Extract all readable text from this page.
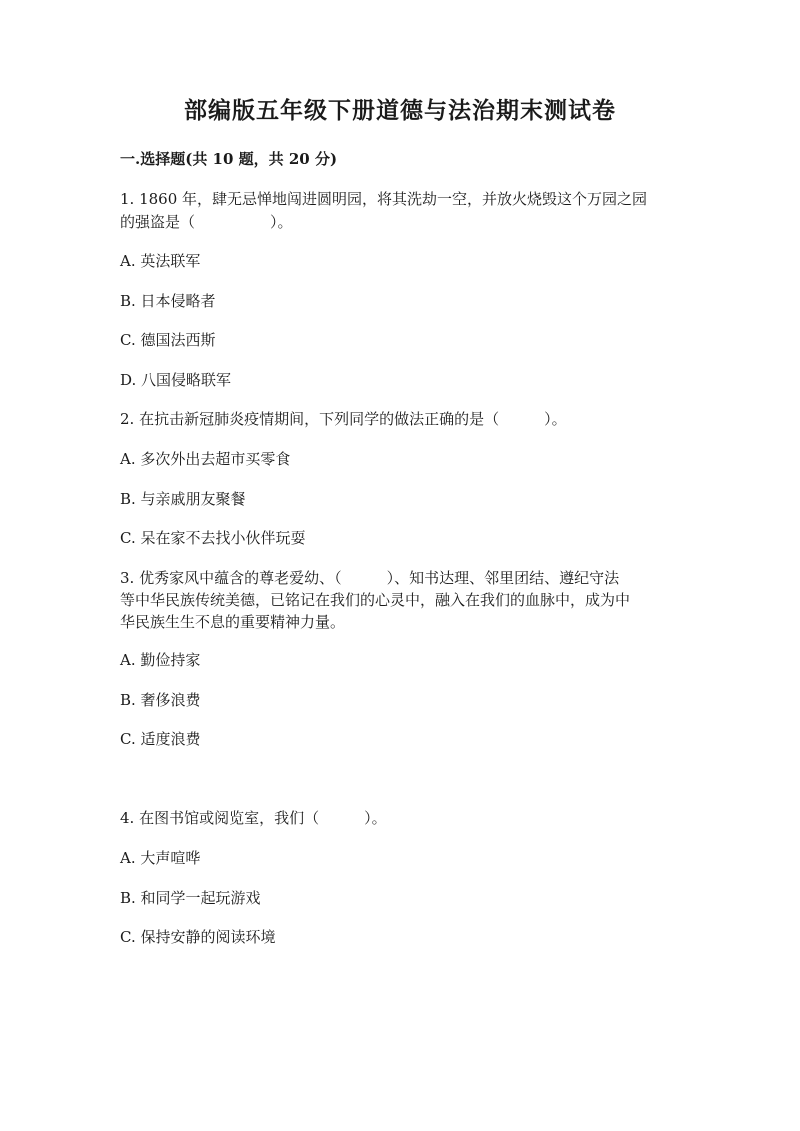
部编版五年级下册道德与法治期末测试卷
一.选择题(共 10 题，共 20 分)
1. 1860 年，肆无忌惮地闯进圆明园，将其洗劫一空，并放火烧毁这个万园之园
的强盗是（　　　　　）。
A. 英法联军
B. 日本侵略者
C. 德国法西斯
D. 八国侵略联军
2. 在抗击新冠肺炎疫情期间，下列同学的做法正确的是（　　　）。
A. 多次外出去超市买零食
B. 与亲戚朋友聚餐
C. 呆在家不去找小伙伴玩耍
3. 优秀家风中蕴含的尊老爱幼、（　　　）、知书达理、邻里团结、遵纪守法
等中华民族传统美德，已铭记在我们的心灵中，融入在我们的血脉中，成为中
华民族生生不息的重要精神力量。
A. 勤俭持家
B. 奢侈浪费
C. 适度浪费
4. 在图书馆或阅览室，我们（　　　）。
A. 大声喧哗
B. 和同学一起玩游戏
C. 保持安静的阅读环境
